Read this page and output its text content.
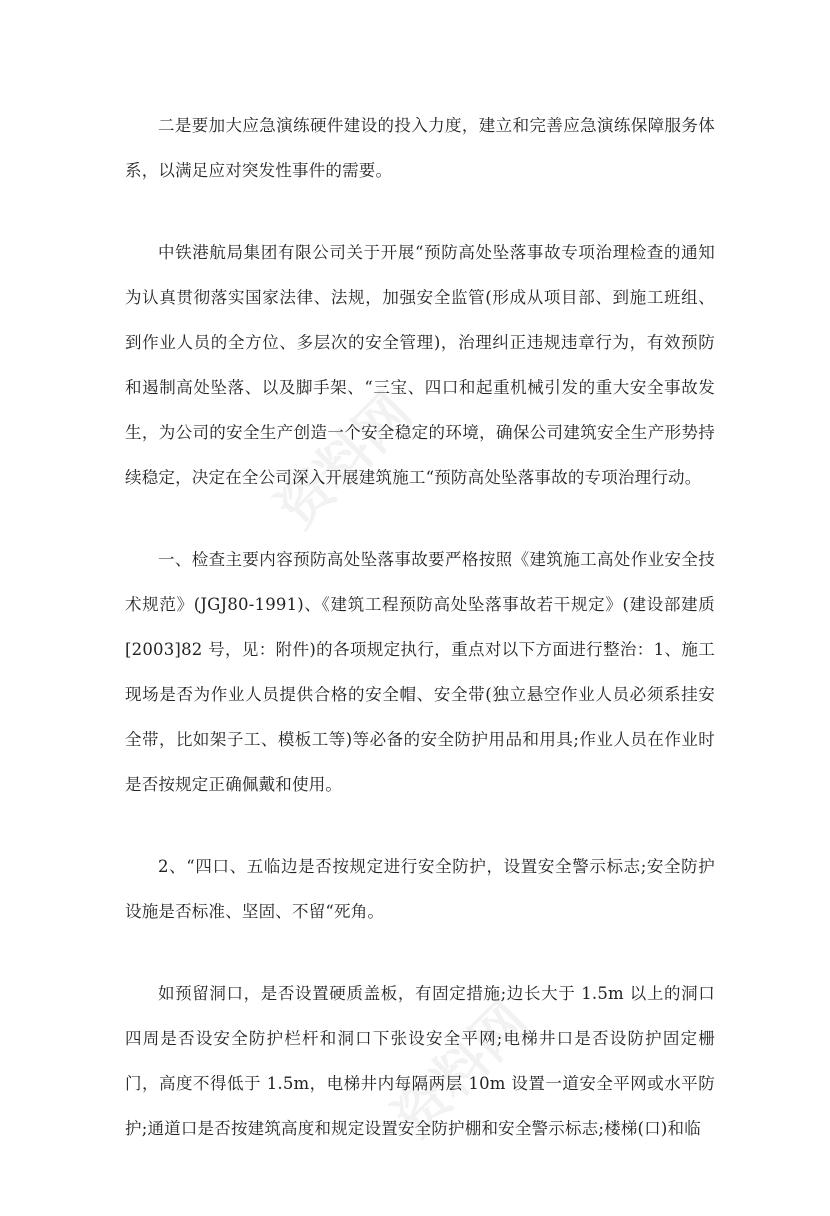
资料网
资料网

二是要加大应急演练硬件建设的投入力度，建立和完善应急演练保障服务体系，以满足应对突发性事件的需要。

中铁港航局集团有限公司关于开展“预防高处坠落事故专项治理检查的通知为认真贯彻落实国家法律、法规，加强安全监管(形成从项目部、到施工班组、到作业人员的全方位、多层次的安全管理)，治理纠正违规违章行为，有效预防和遏制高处坠落、以及脚手架、“三宝、四口和起重机械引发的重大安全事故发生，为公司的安全生产创造一个安全稳定的环境，确保公司建筑安全生产形势持续稳定，决定在全公司深入开展建筑施工“预防高处坠落事故的专项治理行动。

一、检查主要内容预防高处坠落事故要严格按照《建筑施工高处作业安全技术规范》(JGJ80-1991)、《建筑工程预防高处坠落事故若干规定》(建设部建质[2003]82 号，见：附件)的各项规定执行，重点对以下方面进行整治：1、施工现场是否为作业人员提供合格的安全帽、安全带(独立悬空作业人员必须系挂安全带，比如架子工、模板工等)等必备的安全防护用品和用具;作业人员在作业时是否按规定正确佩戴和使用。

2、“四口、五临边是否按规定进行安全防护，设置安全警示标志;安全防护设施是否标准、坚固、不留“死角。

如预留洞口，是否设置硬质盖板，有固定措施;边长大于 1.5m 以上的洞口四周是否设安全防护栏杆和洞口下张设安全平网;电梯井口是否设防护固定栅门，高度不得低于 1.5m，电梯井内每隔两层 10m 设置一道安全平网或水平防护;通道口是否按建筑高度和规定设置安全防护棚和安全警示标志;楼梯(口)和临
